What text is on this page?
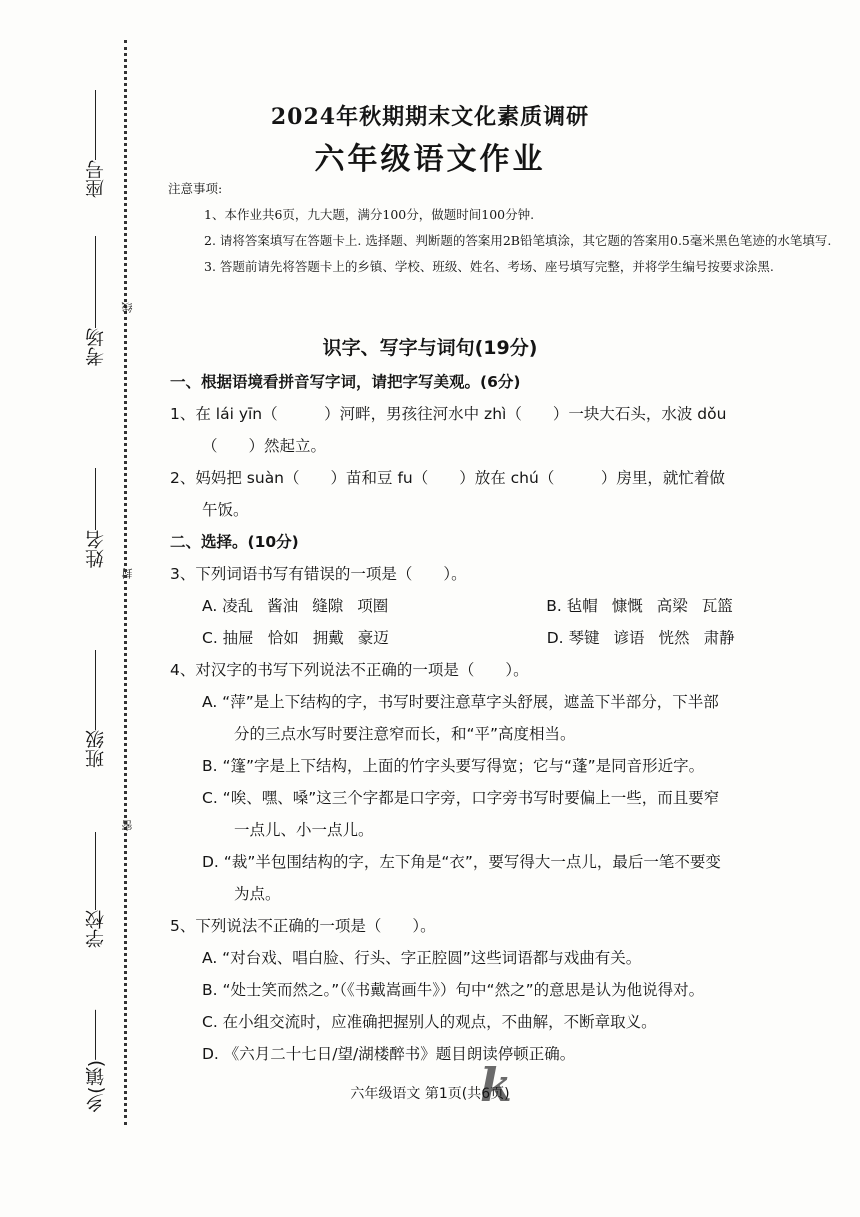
座号
考场
姓名
班级
学校
乡(镇)
线
封
密
2024年秋期期末文化素质调研
六年级语文作业

注意事项:

1、本作业共6页，九大题，满分100分，做题时间100分钟.

2. 请将答案填写在答题卡上. 选择题、判断题的答案用2B铅笔填涂，其它题的答案用0.5毫米黑色笔迹的水笔填写.

3. 答题前请先将答题卡上的乡镇、学校、班级、姓名、考场、座号填写完整，并将学生编号按要求涂黑.

识字、写字与词句(19分)
一、根据语境看拼音写字词，请把字写美观。(6分)
1、在 lái yīn（　　　）河畔，男孩往河水中 zhì（　　）一块大石头，水波 dǒu
（　　）然起立。
2、妈妈把 suàn（　　）苗和豆 fu（　　）放在 chú（　　　）房里，就忙着做
午饭。
二、选择。(10分)
3、下列词语书写有错误的一项是（　　）。
A. 凌乱 酱油 缝隙 项圈	B. 毡帽 慷慨 高梁 瓦篮
C. 抽屉 恰如 拥戴 豪迈	D. 琴键 谚语 恍然 肃静
4、对汉字的书写下列说法不正确的一项是（　　）。
A. “萍”是上下结构的字，书写时要注意草字头舒展，遮盖下半部分，下半部
分的三点水写时要注意窄而长，和“平”高度相当。
B. “篷”字是上下结构，上面的竹字头要写得宽；它与“蓬”是同音形近字。
C. “唉、嘿、嗓”这三个字都是口字旁，口字旁书写时要偏上一些，而且要窄
一点儿、小一点儿。
D. “裁”半包围结构的字，左下角是“衣”，要写得大一点儿，最后一笔不要变
为点。
5、下列说法不正确的一项是（　　）。
A. “对台戏、唱白脸、行头、字正腔圆”这些词语都与戏曲有关。
B. “处士笑而然之。”（《书戴嵩画牛》）句中“然之”的意思是认为他说得对。
C. 在小组交流时，应准确把握别人的观点，不曲解，不断章取义。
D. 《六月二十七日/望/湖楼醉书》题目朗读停顿正确。
k
六年级语文 第1页(共6页)
